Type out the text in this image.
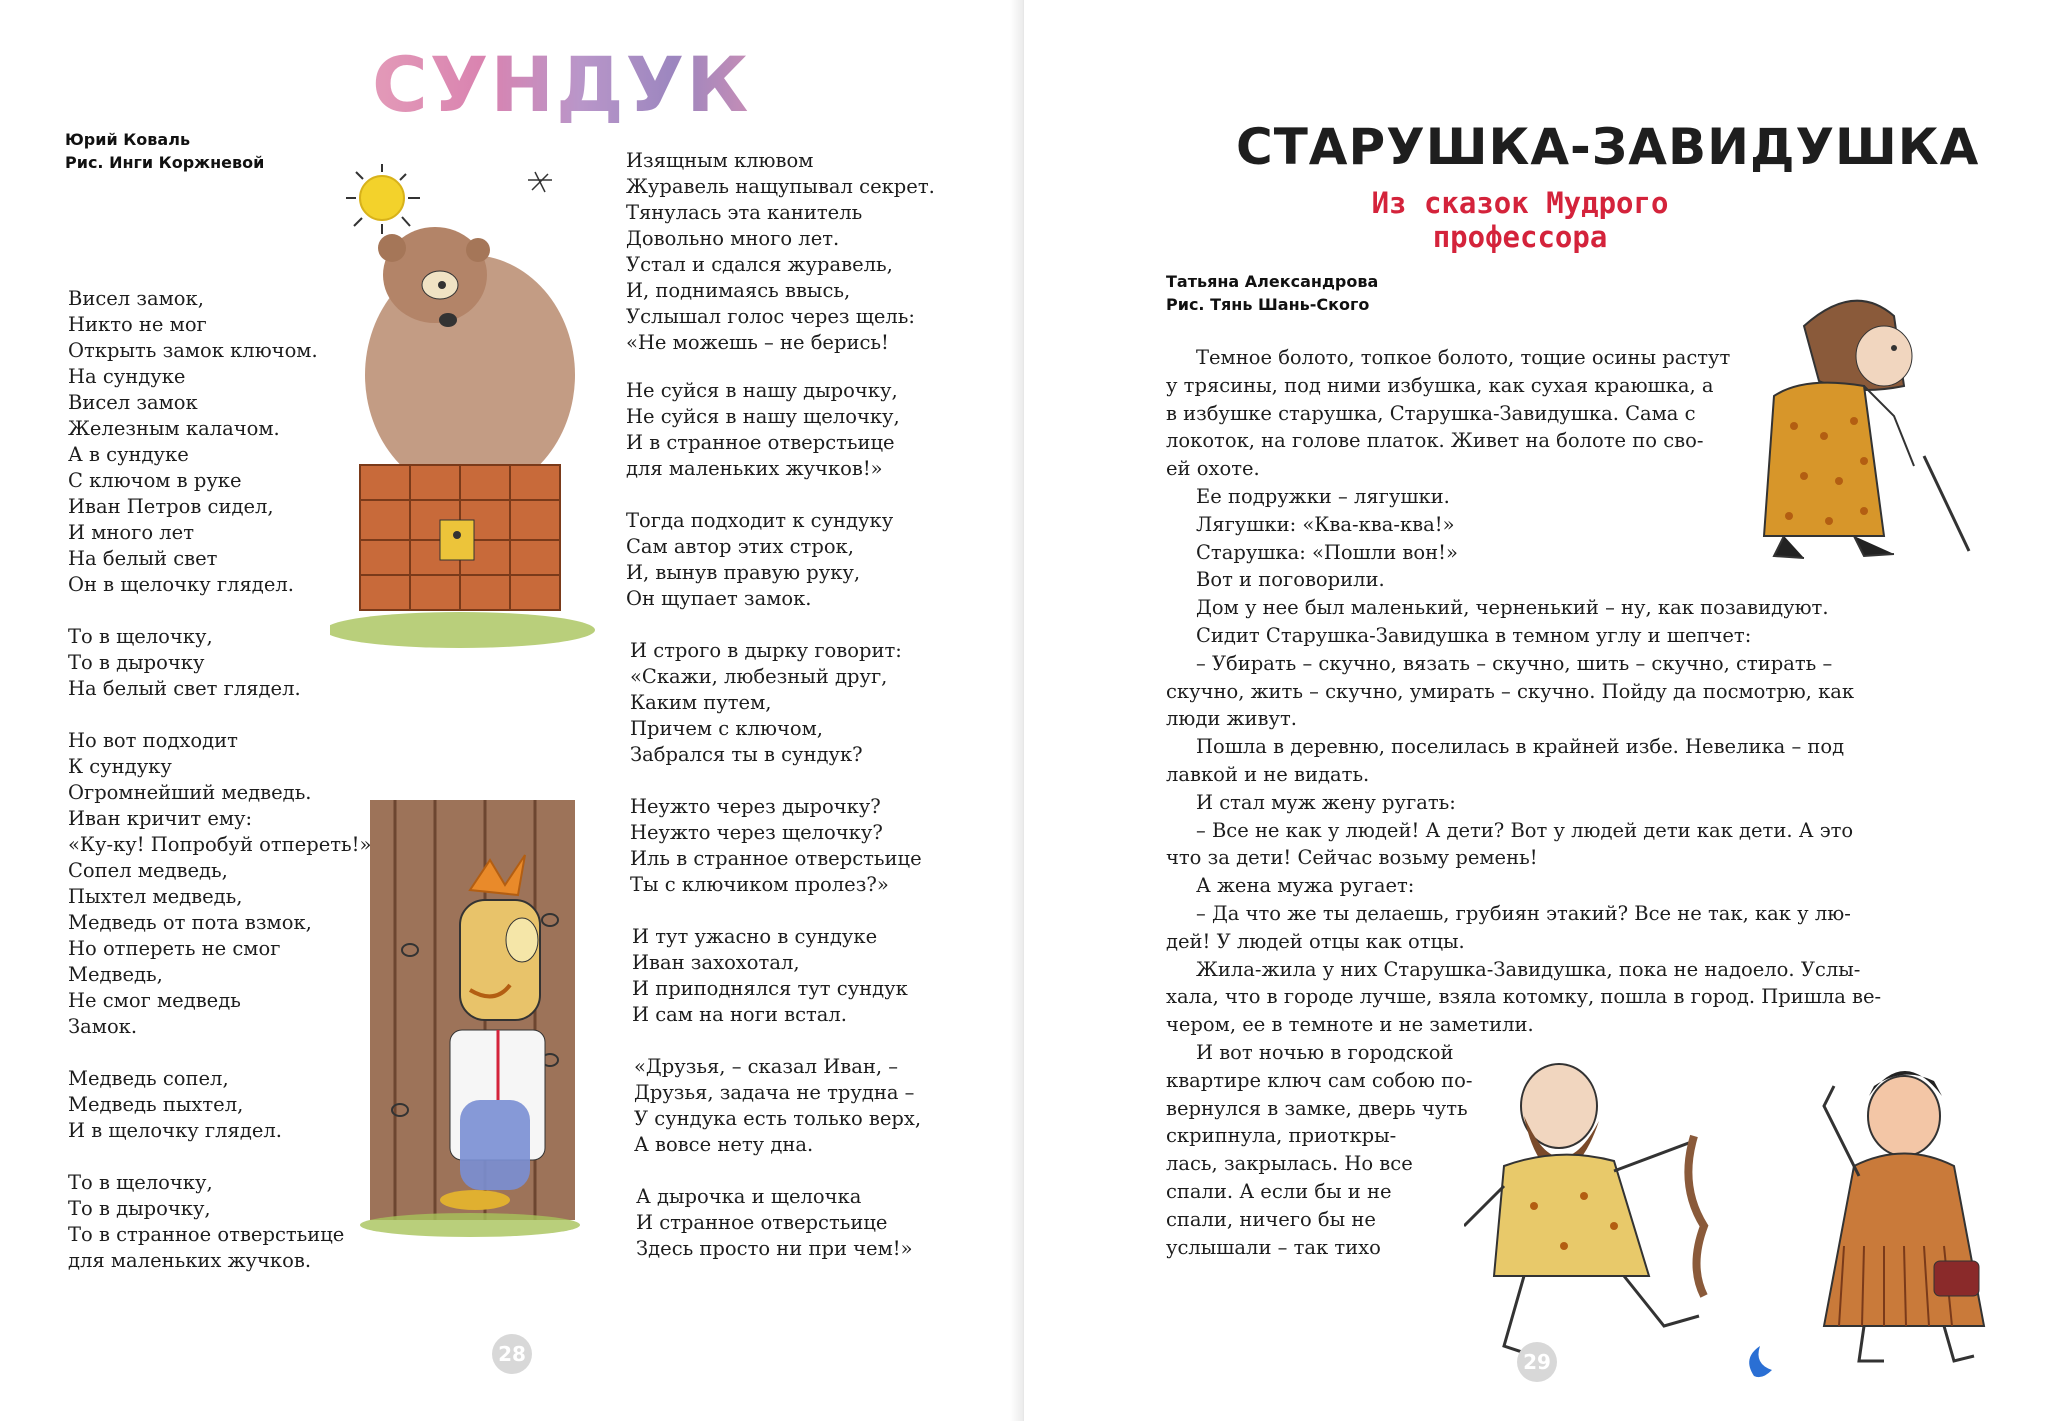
СУНДУК
Юрий Коваль
Рис. Инги Коржневой
Висел замок,
Никто не мог
Открыть замок ключом.
На сундуке
Висел замок
Железным калачом.
А в сундуке
С ключом в руке
Иван Петров сидел,
И много лет
На белый свет
Он в щелочку глядел.
То в щелочку,
То в дырочку
На белый свет глядел.
Но вот подходит
К сундуку
Огромнейший медведь.
Иван кричит ему:
«Ку-ку! Попробуй отпереть!»
Сопел медведь,
Пыхтел медведь,
Медведь от пота взмок,
Но отпереть не смог
Медведь,
Не смог медведь
Замок.
Медведь сопел,
Медведь пыхтел,
И в щелочку глядел.
То в щелочку,
То в дырочку,
То в странное отверстьице
для маленьких жучков.
Изящным клювом
Журавель нащупывал секрет.
Тянулась эта канитель
Довольно много лет.
Устал и сдался журавель,
И, поднимаясь ввысь,
Услышал голос через щель:
«Не можешь – не берись!
Не суйся в нашу дырочку,
Не суйся в нашу щелочку,
И в странное отверстьице
для маленьких жучков!»
Тогда подходит к сундуку
Сам автор этих строк,
И, вынув правую руку,
Он щупает замок.
И строго в дырку говорит:
«Скажи, любезный друг,
Каким путем,
Причем с ключом,
Забрался ты в сундук?
Неужто через дырочку?
Неужто через щелочку?
Иль в странное отверстьице
Ты с ключиком пролез?»
И тут ужасно в сундуке
Иван захохотал,
И приподнялся тут сундук
И сам на ноги встал.
«Друзья, – сказал Иван, –
Друзья, задача не трудна –
У сундука есть только верх,
А вовсе нету дна.
А дырочка и щелочка
И странное отверстьице
Здесь просто ни при чем!»
28
СТАРУШКА-ЗАВИДУШКА
Из сказок Мудрого
профессора
Татьяна Александрова
Рис. Тянь Шань-Ского
Темное болото, топкое болото, тощие осины растут
у трясины, под ними избушка, как сухая краюшка, а
в избушке старушка, Старушка-Завидушка. Сама с
локоток, на голове платок. Живет на болоте по сво-
ей охоте.
Ее подружки – лягушки.
Лягушки: «Ква-ква-ква!»
Старушка: «Пошли вон!»
Вот и поговорили.
Дом у нее был маленький, черненький – ну, как позавидуют.
Сидит Старушка-Завидушка в темном углу и шепчет:
– Убирать – скучно, вязать – скучно, шить – скучно, стирать –
скучно, жить – скучно, умирать – скучно. Пойду да посмотрю, как
люди живут.
Пошла в деревню, поселилась в крайней избе. Невелика – под
лавкой и не видать.
И стал муж жену ругать:
– Все не как у людей! А дети? Вот у людей дети как дети. А это
что за дети! Сейчас возьму ремень!
А жена мужа ругает:
– Да что же ты делаешь, грубиян этакий? Все не так, как у лю-
дей! У людей отцы как отцы.
Жила-жила у них Старушка-Завидушка, пока не надоело. Услы-
хала, что в городе лучше, взяла котомку, пошла в город. Пришла ве-
чером, ее в темноте и не заметили.
И вот ночью в городской
квартире ключ сам собою по-
вернулся в замке, дверь чуть
скрипнула, приоткры-
лась, закрылась. Но все
спали. А если бы и не
спали, ничего бы не
услышали – так тихо
29
